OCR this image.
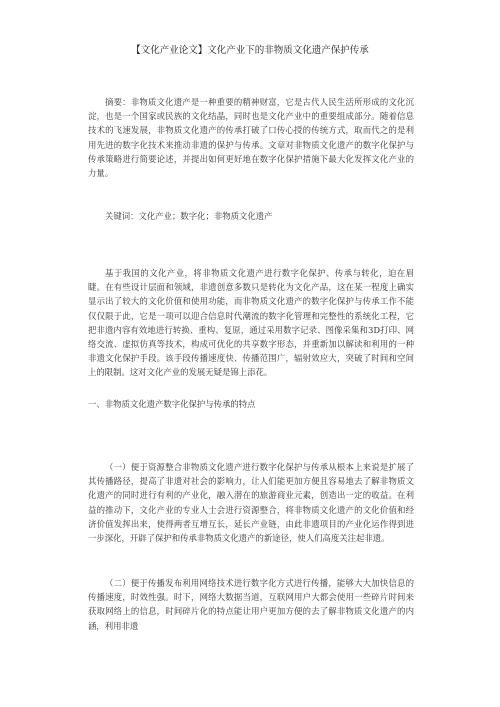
【文化产业论文】文化产业下的非物质文化遗产保护传承

摘要：非物质文化遗产是一种重要的精神财富，它是古代人民生活所形成的文化沉淀，也是一个国家或民族的文化结晶，同时也是文化产业中的重要组成部分。随着信息技术的飞速发展，非物质文化遗产的传承打破了口传心授的传统方式，取而代之的是利用先进的数字化技术来推动非遗的保护与传承。文章对非物质文化遗产的数字化保护与传承策略进行简要论述，并提出如何更好地在数字化保护措施下最大化发挥文化产业的力量。

关键词：文化产业；数字化；非物质文化遗产

基于我国的文化产业，将非物质文化遗产进行数字化保护、传承与转化，迫在眉睫。在有些设计层面和领域，非遗创意多数只是转化为文化产品，这在某一程度上确实显示出了较大的文化价值和使用功能，而非物质文化遗产的数字化保护与传承工作不能仅仅限于此，它是一项可以迎合信息时代潮流的数字化管理和完整性的系统化工程，它把非遗内容有效地进行转换、重构、复原，通过采用数字记录、图像采集和3D打印、网络交流、虚拟仿真等技术，构成可优化的共享数字形态，并重新加以解读和利用的一种非遗文化保护手段。该手段传播速度快、传播范围广，辐射效应大，突破了时间和空间上的限制。这对文化产业的发展无疑是锦上添花。

一、非物质文化遗产数字化保护与传承的特点

（一）便于资源整合非物质文化遗产进行数字化保护与传承从根本上来说是扩展了其传播路径，提高了非遗对社会的影响力，让人们能更加方便且容易地去了解非物质文化遗产的同时进行有利的产业化，融入潜在的旅游商业元素，创造出一定的收益。在利益的推动下，文化产业的专业人士会进行资源整合，将非物质文化遗产的文化价值和经济价值发挥出来，使得两者互增互长，延长产业链，由此非遗项目的产业化运作得到进一步深化，开辟了保护和传承非物质文化遗产的新途径，使人们高度关注起非遗。

（二）便于传播发布利用网络技术进行数字化方式进行传播，能够大大加快信息的传播速度，时效性强。时下，网络大数据当道，互联网用户大都会使用一些碎片时间来获取网络上的信息，时间碎片化的特点能让用户更加方便的去了解非物质文化遗产的内涵，利用非遗
